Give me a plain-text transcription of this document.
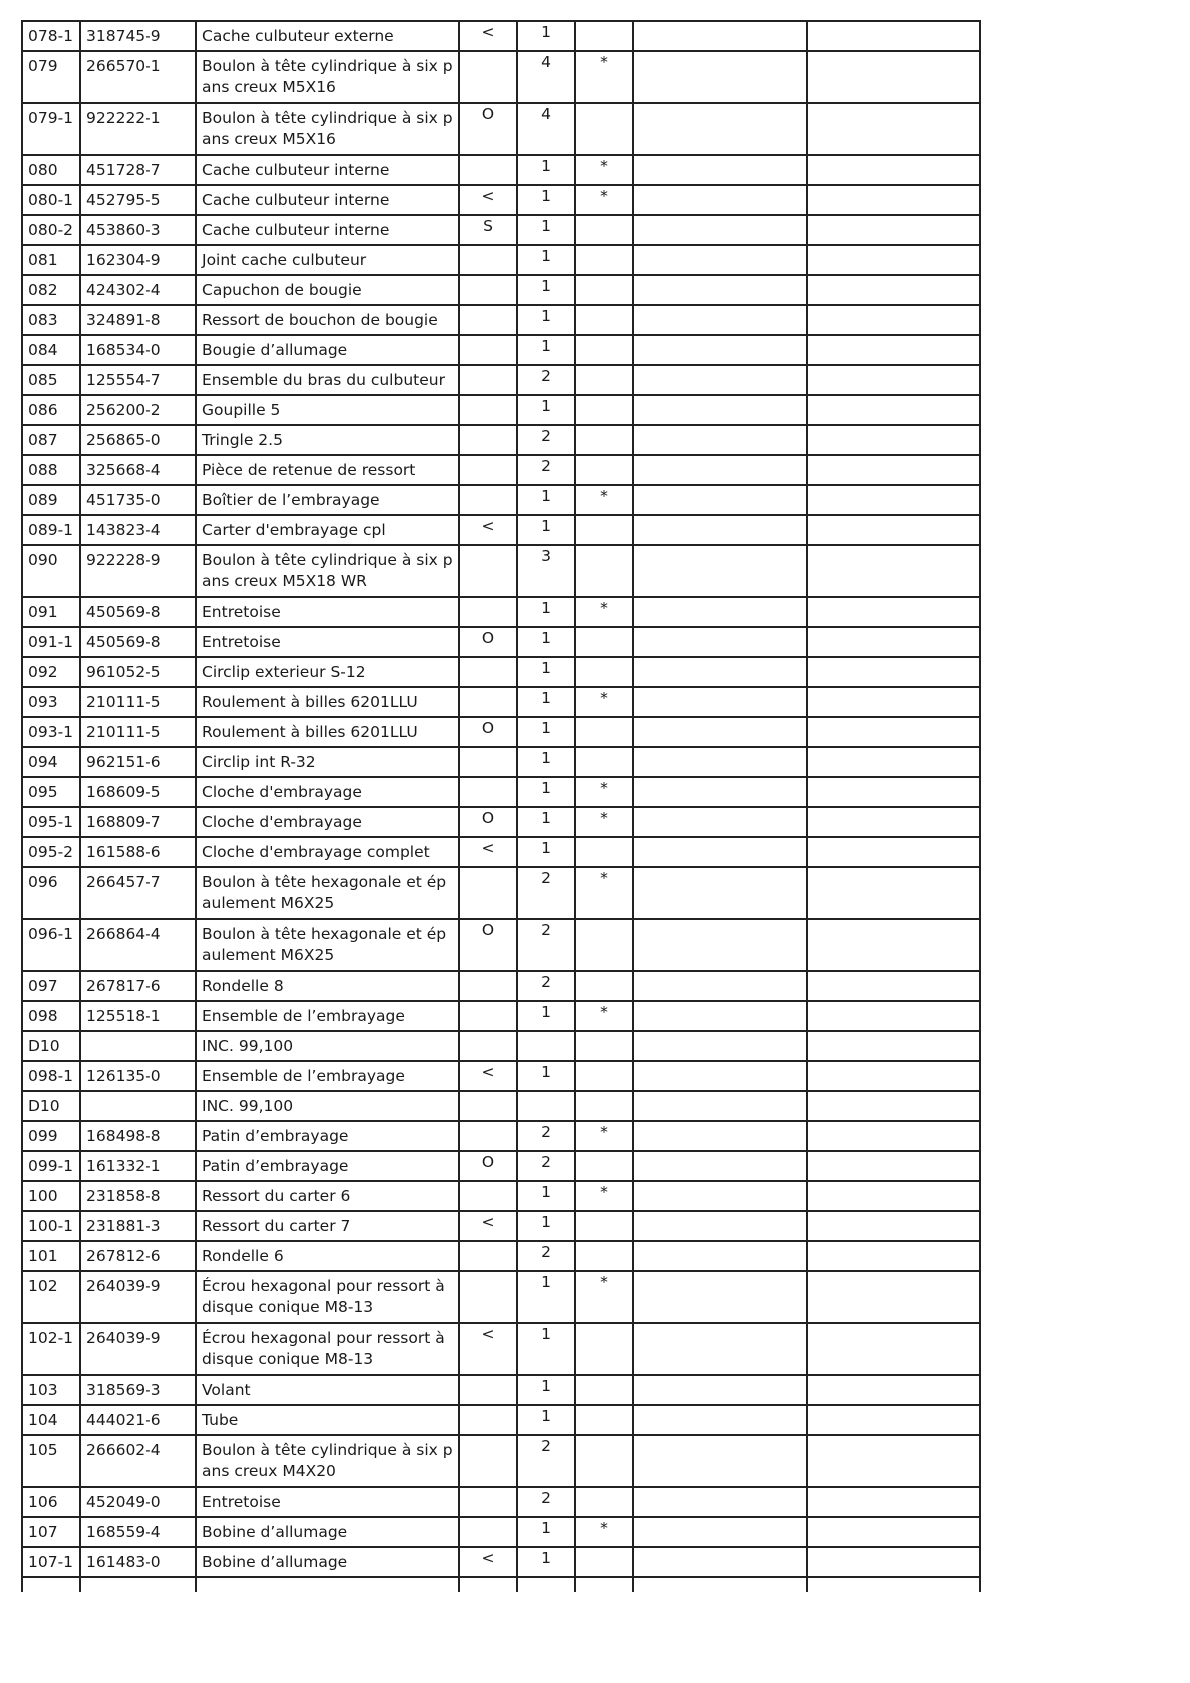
078-1	318745-9	Cache culbuteur externe	<	1			
079	266570-1	Boulon à tête cylindrique à six pans creux M5X16		4	*		
079-1	922222-1	Boulon à tête cylindrique à six pans creux M5X16	O	4			
080	451728-7	Cache culbuteur interne		1	*		
080-1	452795-5	Cache culbuteur interne	<	1	*		
080-2	453860-3	Cache culbuteur interne	S	1			
081	162304-9	Joint cache culbuteur		1			
082	424302-4	Capuchon de bougie		1			
083	324891-8	Ressort de bouchon de bougie		1			
084	168534-0	Bougie d’allumage		1			
085	125554-7	Ensemble du bras du culbuteur		2			
086	256200-2	Goupille 5		1			
087	256865-0	Tringle 2.5		2			
088	325668-4	Pièce de retenue de ressort		2			
089	451735-0	Boîtier de l’embrayage		1	*		
089-1	143823-4	Carter d'embrayage cpl	<	1			
090	922228-9	Boulon à tête cylindrique à six pans creux M5X18 WR		3			
091	450569-8	Entretoise		1	*		
091-1	450569-8	Entretoise	O	1			
092	961052-5	Circlip exterieur S-12		1			
093	210111-5	Roulement à billes 6201LLU		1	*		
093-1	210111-5	Roulement à billes 6201LLU	O	1			
094	962151-6	Circlip int R-32		1			
095	168609-5	Cloche d'embrayage		1	*		
095-1	168809-7	Cloche d'embrayage	O	1	*		
095-2	161588-6	Cloche d'embrayage complet	<	1			
096	266457-7	Boulon à tête hexagonale et épaulement M6X25		2	*		
096-1	266864-4	Boulon à tête hexagonale et épaulement M6X25	O	2			
097	267817-6	Rondelle 8		2			
098	125518-1	Ensemble de l’embrayage		1	*		
D10		INC. 99,100					
098-1	126135-0	Ensemble de l’embrayage	<	1			
D10		INC. 99,100					
099	168498-8	Patin d’embrayage		2	*		
099-1	161332-1	Patin d’embrayage	O	2			
100	231858-8	Ressort du carter 6		1	*		
100-1	231881-3	Ressort du carter 7	<	1			
101	267812-6	Rondelle 6		2			
102	264039-9	Écrou hexagonal pour ressort à disque conique M8-13		1	*		
102-1	264039-9	Écrou hexagonal pour ressort à disque conique M8-13	<	1			
103	318569-3	Volant		1			
104	444021-6	Tube		1			
105	266602-4	Boulon à tête cylindrique à six pans creux M4X20		2			
106	452049-0	Entretoise		2			
107	168559-4	Bobine d’allumage		1	*		
107-1	161483-0	Bobine d’allumage	<	1			
